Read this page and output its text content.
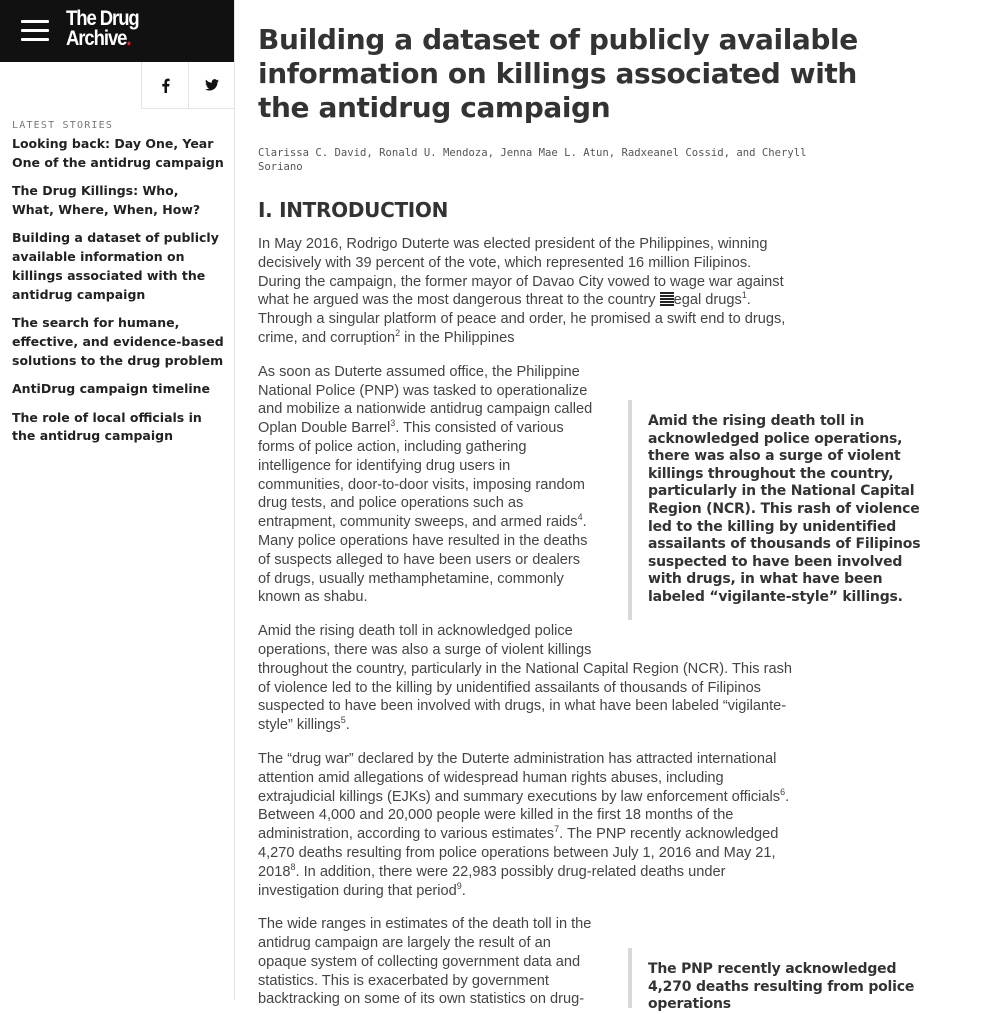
The Drug
Archive.
LATEST STORIES
Looking back: Day One, Year One of the antidrug campaign
The Drug Killings: Who, What, Where, When, How?
Building a dataset of publicly available information on killings associated with the antidrug campaign
The search for humane, effective, and evidence-based solutions to the drug problem
AntiDrug campaign timeline
The role of local officials in the antidrug campaign
Building a dataset of publicly available information on killings associated with the antidrug campaign
Clarissa C. David, Ronald U. Mendoza, Jenna Mae L. Atun, Radxeanel Cossid, and Cheryll Soriano
I. INTRODUCTION

In May 2016, Rodrigo Duterte was elected president of the Philippines, winning decisively with 39 percent of the vote, which represented 16 million Filipinos. During the campaign, the former mayor of Davao City vowed to wage war against what he argued was the most dangerous threat to the country egal drugs$^1$. Through a singular platform of peace and order, he promised a swift end to drugs, crime, and corruption$^2$ in the Philippines

As soon as Duterte assumed office, the Philippine National Police (PNP) was tasked to operationalize and mobilize a nationwide antidrug campaign called Oplan Double Barrel$^3$. This consisted of various forms of police action, including gathering intelligence for identifying drug users in communities, door-to-door visits, imposing random drug tests, and police operations such as entrapment, community sweeps, and armed raids$^4$. Many police operations have resulted in the deaths of suspects alleged to have been users or dealers of drugs, usually methamphetamine, commonly known as shabu.

Amid the rising death toll in acknowledged police operations, there was also a surge of violent killings
throughout the country, particularly in the National Capital Region (NCR). This rash of violence led to the killing by unidentified assailants of thousands of Filipinos suspected to have been involved with drugs, in what have been labeled “vigilante-style” killings$^5$.

The “drug war” declared by the Duterte administration has attracted international attention amid allegations of widespread human rights abuses, including extrajudicial killings (EJKs) and summary executions by law enforcement officials$^6$. Between 4,000 and 20,000 people were killed in the first 18 months of the administration, according to various estimates$^7$. The PNP recently acknowledged 4,270 deaths resulting from police operations between July 1, 2016 and May 21, 2018$^8$. In addition, there were 22,983 possibly drug-related deaths under investigation during that period$^9$.

The wide ranges in estimates of the death toll in the antidrug campaign are largely the result of an opaque system of collecting government data and statistics. This is exacerbated by government backtracking on some of its own statistics on drug-

Amid the rising death toll in acknowledged police operations, there was also a surge of violent killings throughout the country, particularly in the National Capital Region (NCR). This rash of violence led to the killing by unidentified assailants of thousands of Filipinos suspected to have been involved with drugs, in what have been labeled “vigilante-style” killings.
The PNP recently acknowledged 4,270 deaths resulting from police operations
